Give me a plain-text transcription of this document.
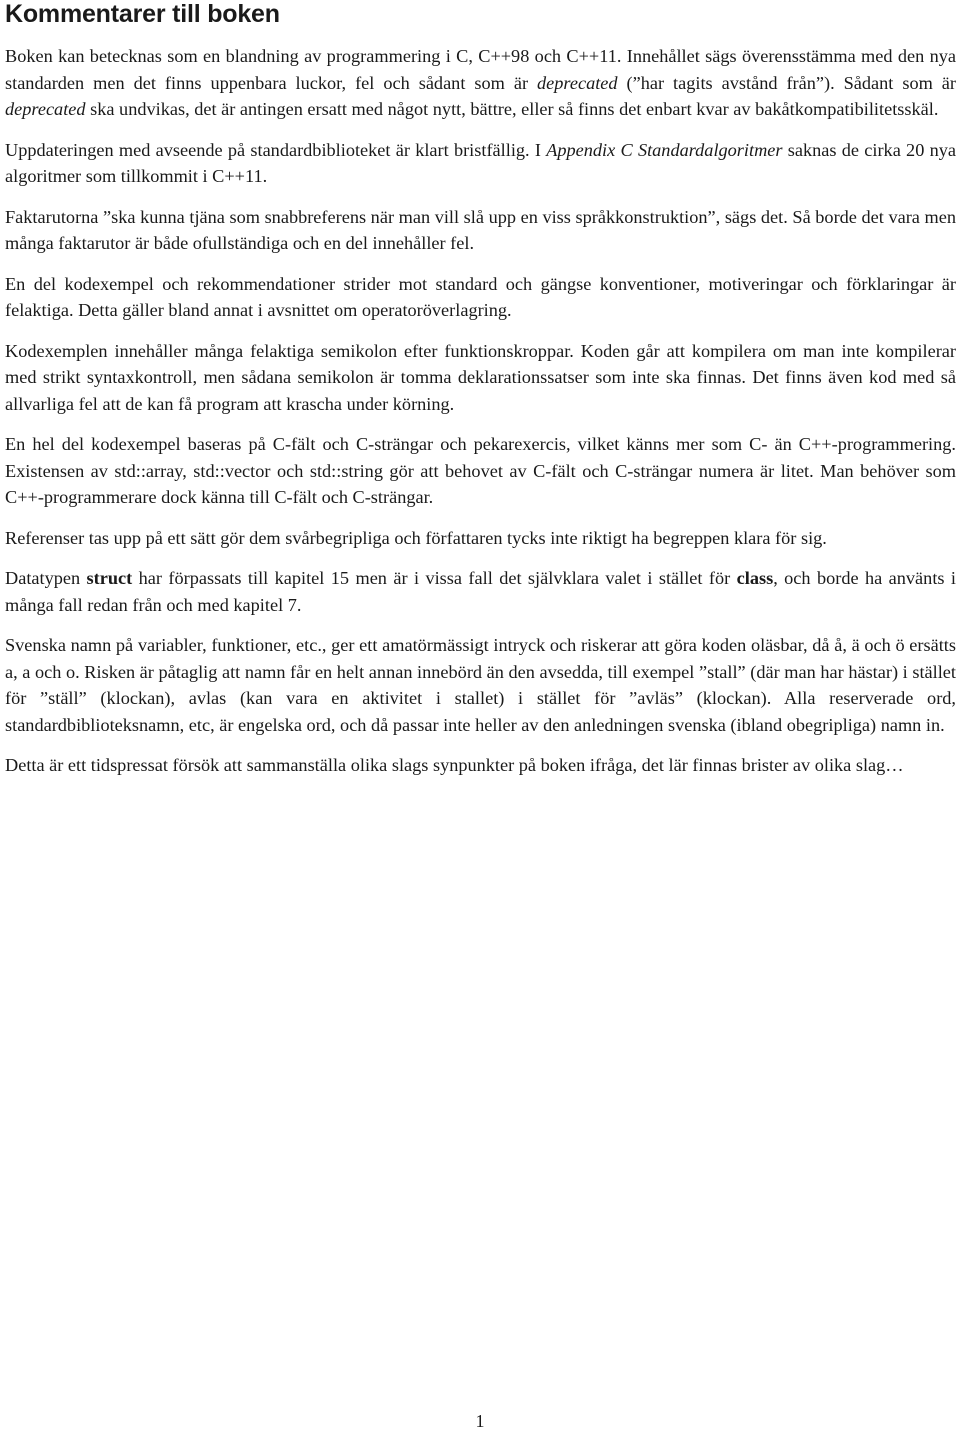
Kommentarer till boken

Boken kan betecknas som en blandning av programmering i C, C++98 och C++11. Innehållet sägs överensstämma med den nya standarden men det finns uppenbara luckor, fel och sådant som är deprecated (”har tagits avstånd från”). Sådant som är deprecated ska undvikas, det är antingen ersatt med något nytt, bättre, eller så finns det enbart kvar av bakåtkompatibilitetsskäl.

Uppdateringen med avseende på standardbiblioteket är klart bristfällig. I Appendix C Standardalgoritmer saknas de cirka 20 nya algoritmer som tillkommit i C++11.

Faktarutorna ”ska kunna tjäna som snabbreferens när man vill slå upp en viss språkkonstruktion”, sägs det. Så borde det vara men många faktarutor är både ofullständiga och en del innehåller fel.

En del kodexempel och rekommendationer strider mot standard och gängse konventioner, motiveringar och förklaringar är felaktiga. Detta gäller bland annat i avsnittet om operatoröverlagring.

Kodexemplen innehåller många felaktiga semikolon efter funktionskroppar. Koden går att kompilera om man inte kompilerar med strikt syntaxkontroll, men sådana semikolon är tomma deklarationssatser som inte ska finnas. Det finns även kod med så allvarliga fel att de kan få program att krascha under körning.

En hel del kodexempel baseras på C-fält och C-strängar och pekarexercis, vilket känns mer som C- än C++-programmering. Existensen av std::array, std::vector och std::string gör att behovet av C-fält och C-strängar numera är litet. Man behöver som C++-programmerare dock känna till C-fält och C-strängar.

Referenser tas upp på ett sätt gör dem svårbegripliga och författaren tycks inte riktigt ha begreppen klara för sig.

Datatypen struct har förpassats till kapitel 15 men är i vissa fall det självklara valet i stället för class, och borde ha använts i många fall redan från och med kapitel 7.

Svenska namn på variabler, funktioner, etc., ger ett amatörmässigt intryck och riskerar att göra koden oläsbar, då å, ä och ö ersätts a, a och o. Risken är påtaglig att namn får en helt annan innebörd än den avsedda, till exempel ”stall” (där man har hästar) i stället för ”ställ” (klockan), avlas (kan vara en aktivitet i stallet) i stället för ”avläs” (klockan). Alla reserverade ord, standardbiblioteksnamn, etc, är engelska ord, och då passar inte heller av den anledningen svenska (ibland obegripliga) namn in.

Detta är ett tidspressat försök att sammanställa olika slags synpunkter på boken ifråga, det lär finnas brister av olika slag…

1
